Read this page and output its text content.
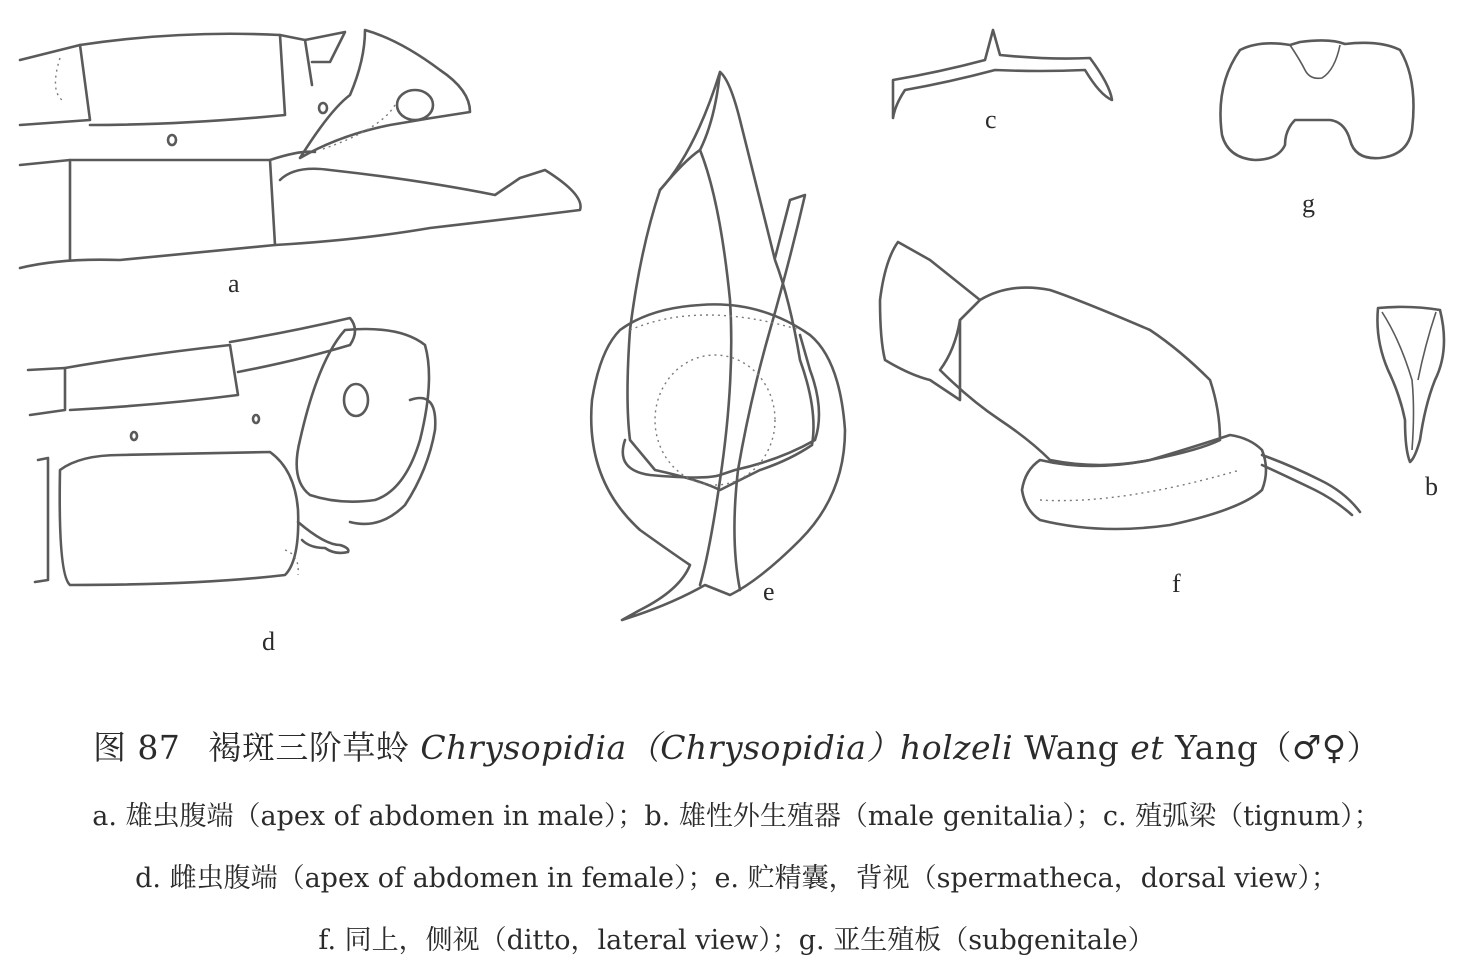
a
c
g
d
e	f
b
图 87 褐斑三阶草蛉 Chrysopidia（Chrysopidia）holzeli Wang et Yang（♂♀）
a. 雄虫腹端（apex of abdomen in male）；b. 雄性外生殖器（male genitalia）；c. 殖弧梁（tignum）；
d. 雌虫腹端（apex of abdomen in female）；e. 贮精囊，背视（spermatheca，dorsal view）；
f. 同上，侧视（ditto，lateral view）；g. 亚生殖板（subgenitale）
